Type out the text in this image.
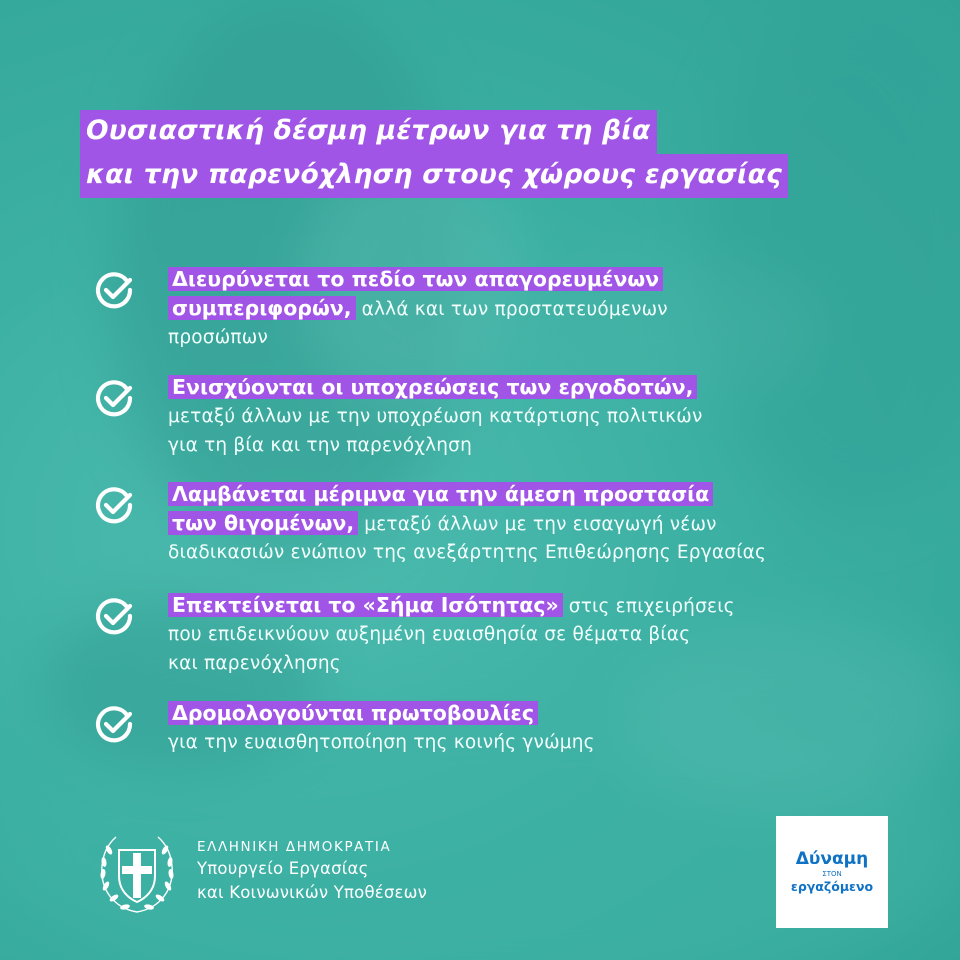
Ουσιαστική δέσμη μέτρων για τη βία
και την παρενόχληση στους χώρους εργασίας
Διευρύνεται το πεδίο των απαγορευμένων
συμπεριφορών, αλλά και των προστατευόμενων
προσώπων
Ενισχύονται οι υποχρεώσεις των εργοδοτών,
μεταξύ άλλων με την υποχρέωση κατάρτισης πολιτικών
για τη βία και την παρενόχληση
Λαμβάνεται μέριμνα για την άμεση προστασία
των θιγομένων, μεταξύ άλλων με την εισαγωγή νέων
διαδικασιών ενώπιον της ανεξάρτητης Επιθεώρησης Εργασίας
Επεκτείνεται το «Σήμα Ισότητας» στις επιχειρήσεις
που επιδεικνύουν αυξημένη ευαισθησία σε θέματα βίας
και παρενόχλησης
Δρομολογούνται πρωτοβουλίες
για την ευαισθητοποίηση της κοινής γνώμης
ΕΛΛΗΝΙΚΗ ΔΗΜΟΚΡΑΤΙΑ
Υπουργείο Εργασίας
και Κοινωνικών Υποθέσεων
Δύναμη
ΣΤΟΝ
εργαζόμενο
